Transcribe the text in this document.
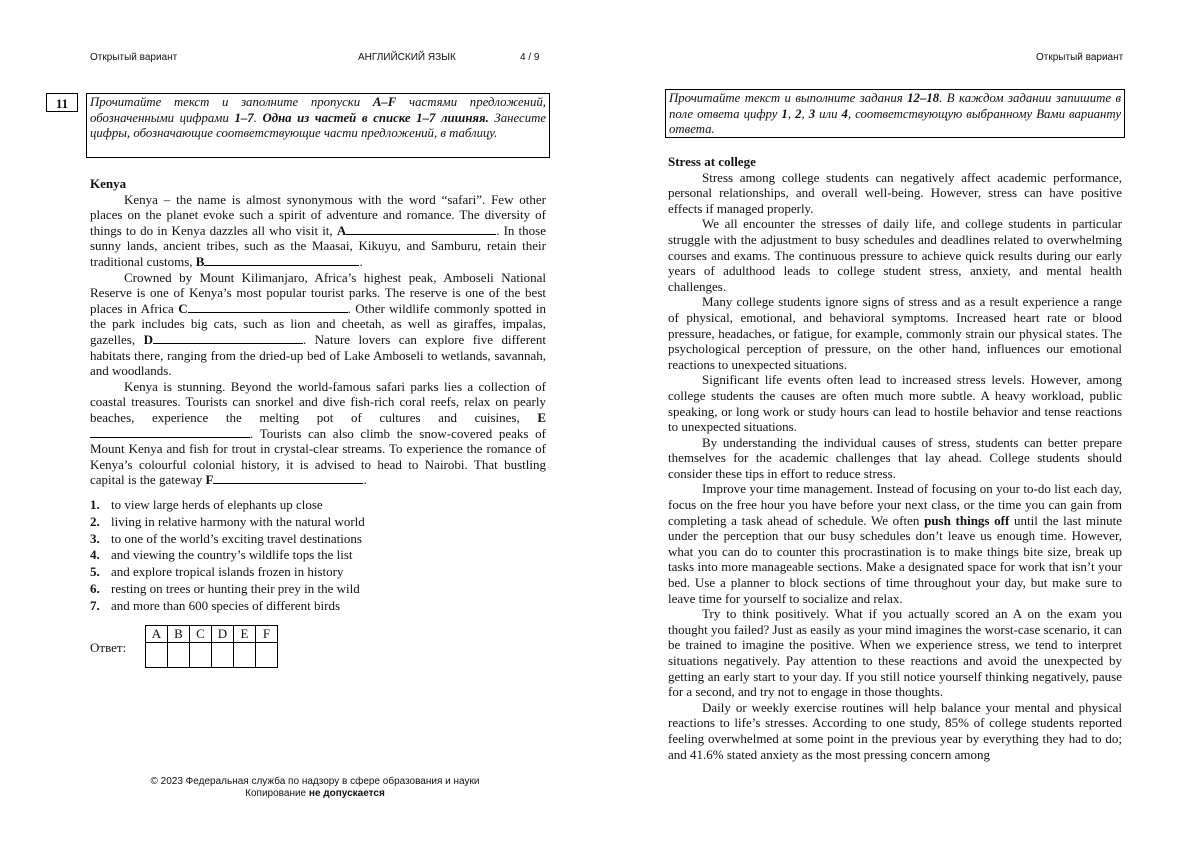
Открытый вариант	АНГЛИЙСКИЙ ЯЗЫК	4 / 9
11	Прочитайте текст и заполните пропуски A–F частями предложений, обозначенными цифрами 1–7. Одна из частей в списке 1–7 лишняя. Занесите цифры, обозначающие соответствующие части предложений, в таблицу.

Kenya

Kenya – the name is almost synonymous with the word “safari”. Few other places on the planet evoke such a spirit of adventure and romance. The diversity of things to do in Kenya dazzles all who visit it, A	. In those sunny lands, ancient tribes, such as the Maasai, Kikuyu, and Samburu, retain their traditional customs, B	.

Crowned by Mount Kilimanjaro, Africa’s highest peak, Amboseli National Reserve is one of Kenya’s most popular tourist parks. The reserve is one of the best places in Africa C	. Other wildlife commonly spotted in the park includes big cats, such as lion and cheetah, as well as giraffes, impalas, gazelles, D	. Nature lovers can explore five different habitats there, ranging from the dried-up bed of Lake Amboseli to wetlands, savannah, and woodlands.

Kenya is stunning. Beyond the world-famous safari parks lies a collection of coastal treasures. Tourists can snorkel and dive fish-rich coral reefs, relax on pearly beaches, experience the melting pot of cultures and cuisines, E. Tourists can also climb the snow-covered peaks of Mount Kenya and fish for trout in crystal-clear streams. To experience the romance of Kenya’s colourful colonial history, it is advised to head to Nairobi. That bustling capital is the gateway F	.

1. to view large herds of elephants up close
2. living in relative harmony with the natural world
3. to one of the world’s exciting travel destinations
4. and viewing the country’s wildlife tops the list
5. and explore tropical islands frozen in history
6. resting on trees or hunting their prey in the wild
7. and more than 600 species of different birds
Ответ:
A	B	C	D	E	F

© 2023 Федеральная служба по надзору в сфере образования и науки
Копирование не допускается
Открытый вариант
Прочитайте текст и выполните задания 12–18. В каждом задании запишите в поле ответа цифру 1, 2, 3 или 4, соответствующую выбранному Вами варианту ответа.

Stress at college

Stress among college students can negatively affect academic performance, personal relationships, and overall well-being. However, stress can have positive effects if managed properly.

We all encounter the stresses of daily life, and college students in particular struggle with the adjustment to busy schedules and deadlines related to overwhelming courses and exams. The continuous pressure to achieve quick results during our early years of adulthood leads to college student stress, anxiety, and mental health challenges.

Many college students ignore signs of stress and as a result experience a range of physical, emotional, and behavioral symptoms. Increased heart rate or blood pressure, headaches, or fatigue, for example, commonly strain our physical states. The psychological perception of pressure, on the other hand, influences our emotional reactions to unexpected situations.

Significant life events often lead to increased stress levels. However, among college students the causes are often much more subtle. A heavy workload, public speaking, or long work or study hours can lead to hostile behavior and tense reactions to unexpected situations.

By understanding the individual causes of stress, students can better prepare themselves for the academic challenges that lay ahead. College students should consider these tips in effort to reduce stress.

Improve your time management. Instead of focusing on your to-do list each day, focus on the free hour you have before your next class, or the time you can gain from completing a task ahead of schedule. We often push things off until the last minute under the perception that our busy schedules don’t leave us enough time. However, what you can do to counter this procrastination is to make things bite size, break up tasks into more manageable sections. Make a designated space for work that isn’t your bed. Use a planner to block sections of time throughout your day, but make sure to leave time for yourself to socialize and relax.

Try to think positively. What if you actually scored an A on the exam you thought you failed? Just as easily as your mind imagines the worst-case scenario, it can be trained to imagine the positive. When we experience stress, we tend to interpret situations negatively. Pay attention to these reactions and avoid the unexpected by getting an early start to your day. If you still notice yourself thinking negatively, pause for a second, and try not to engage in those thoughts.

Daily or weekly exercise routines will help balance your mental and physical reactions to life’s stresses. According to one study, 85% of college students reported feeling overwhelmed at some point in the previous year by everything they had to do; and 41.6% stated anxiety as the most pressing concern among
